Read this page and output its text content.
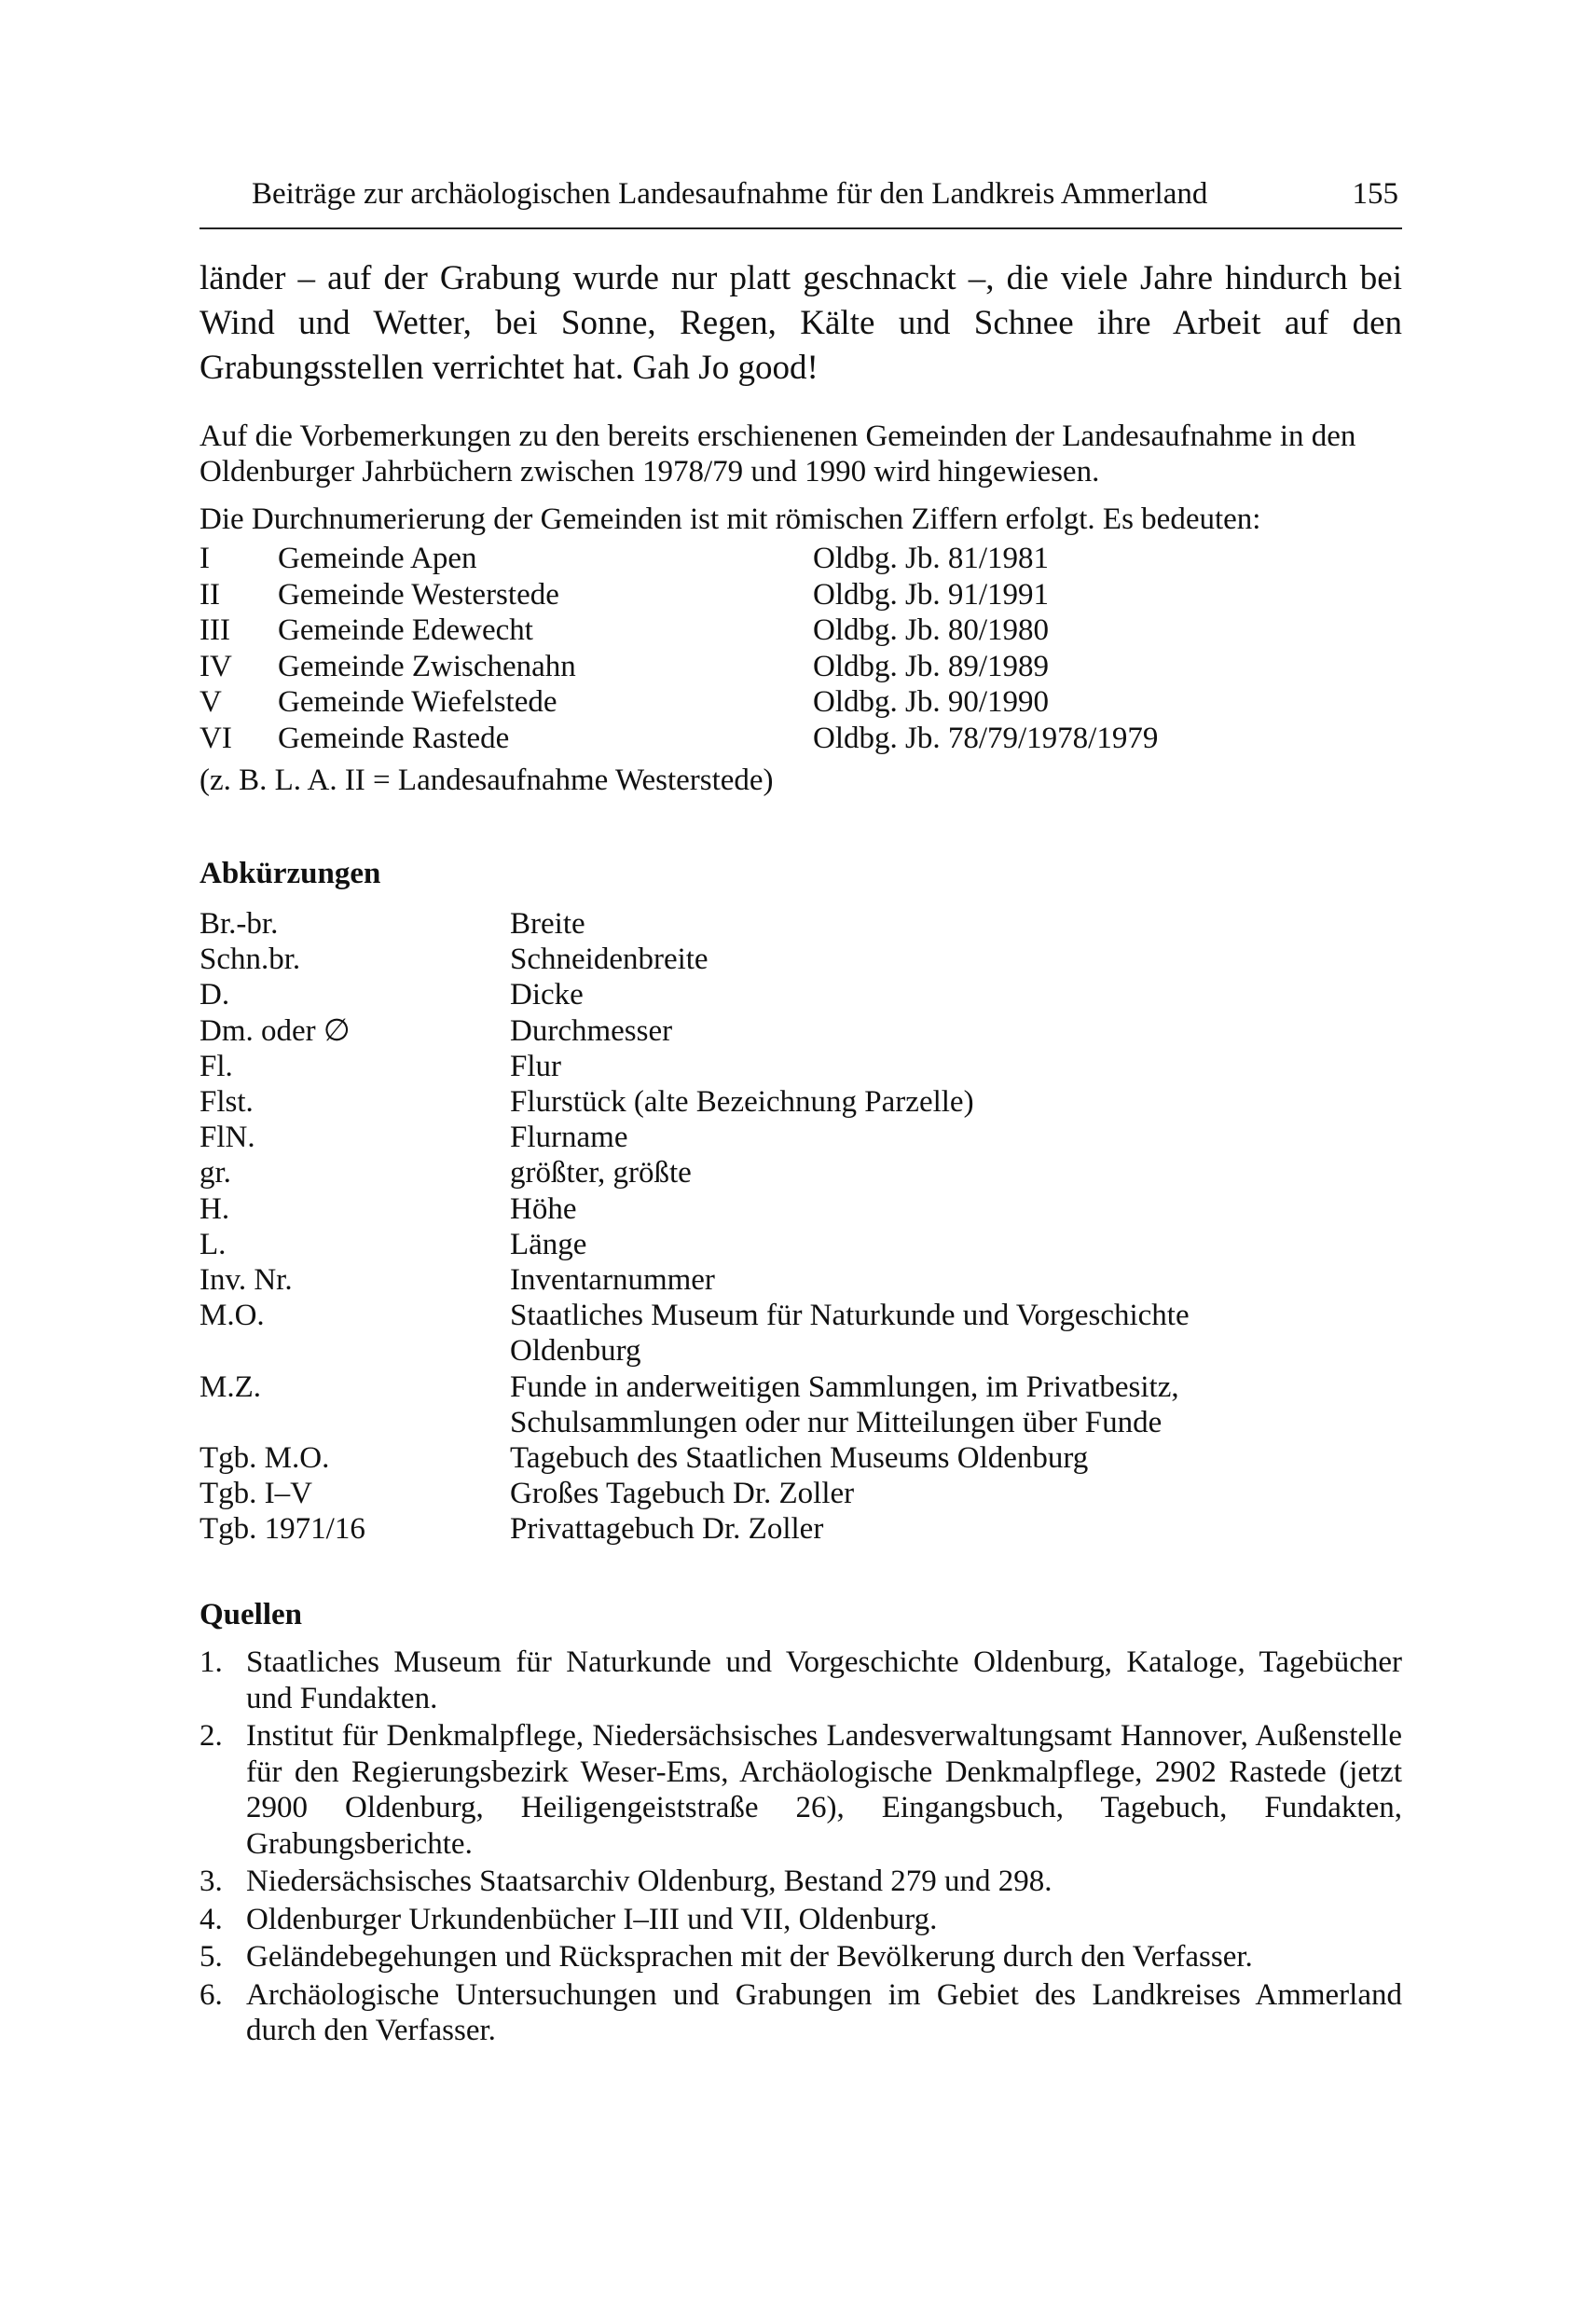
Beiträge zur archäologischen Landesaufnahme für den Landkreis Ammerland	155
länder – auf der Grabung wurde nur platt geschnackt –, die viele Jahre hindurch bei Wind und Wetter, bei Sonne, Regen, Kälte und Schnee ihre Arbeit auf den Grabungsstellen verrichtet hat. Gah Jo good!

Auf die Vorbemerkungen zu den bereits erschienenen Gemeinden der Landesaufnahme in den Oldenburger Jahrbüchern zwischen 1978/79 und 1990 wird hingewiesen.

Die Durchnumerierung der Gemeinden ist mit römischen Ziffern erfolgt. Es bedeuten:

I	Gemeinde Apen	Oldbg. Jb. 81/1981
II	Gemeinde Westerstede	Oldbg. Jb. 91/1991
III	Gemeinde Edewecht	Oldbg. Jb. 80/1980
IV	Gemeinde Zwischenahn	Oldbg. Jb. 89/1989
V	Gemeinde Wiefelstede	Oldbg. Jb. 90/1990
VI	Gemeinde Rastede	Oldbg. Jb. 78/79/1978/1979
(z. B. L. A. II = Landesaufnahme Westerstede)
Abkürzungen
Br.-br.	Breite
Schn.br.	Schneidenbreite
D.	Dicke
Dm. oder ∅	Durchmesser
Fl.	Flur
Flst.	Flurstück (alte Bezeichnung Parzelle)
FlN.	Flurname
gr.	größter, größte
H.	Höhe
L.	Länge
Inv. Nr.	Inventarnummer
M.O.	Staatliches Museum für Naturkunde und Vorgeschichte Oldenburg
M.Z.	Funde in anderweitigen Sammlungen, im Privatbesitz, Schulsammlungen oder nur Mitteilungen über Funde
Tgb. M.O.	Tagebuch des Staatlichen Museums Oldenburg
Tgb. I–V	Großes Tagebuch Dr. Zoller
Tgb. 1971/16	Privattagebuch Dr. Zoller
Quellen
1. Staatliches Museum für Naturkunde und Vorgeschichte Oldenburg, Kataloge, Tagebücher und Fundakten.
2. Institut für Denkmalpflege, Niedersächsisches Landesverwaltungsamt Hannover, Außenstelle für den Regierungsbezirk Weser-Ems, Archäologische Denkmalpflege, 2902 Rastede (jetzt 2900 Oldenburg, Heiligengeiststraße 26), Eingangsbuch, Tagebuch, Fundakten, Grabungsberichte.
3. Niedersächsisches Staatsarchiv Oldenburg, Bestand 279 und 298.
4. Oldenburger Urkundenbücher I–III und VII, Oldenburg.
5. Geländebegehungen und Rücksprachen mit der Bevölkerung durch den Verfasser.
6. Archäologische Untersuchungen und Grabungen im Gebiet des Landkreises Ammerland durch den Verfasser.
